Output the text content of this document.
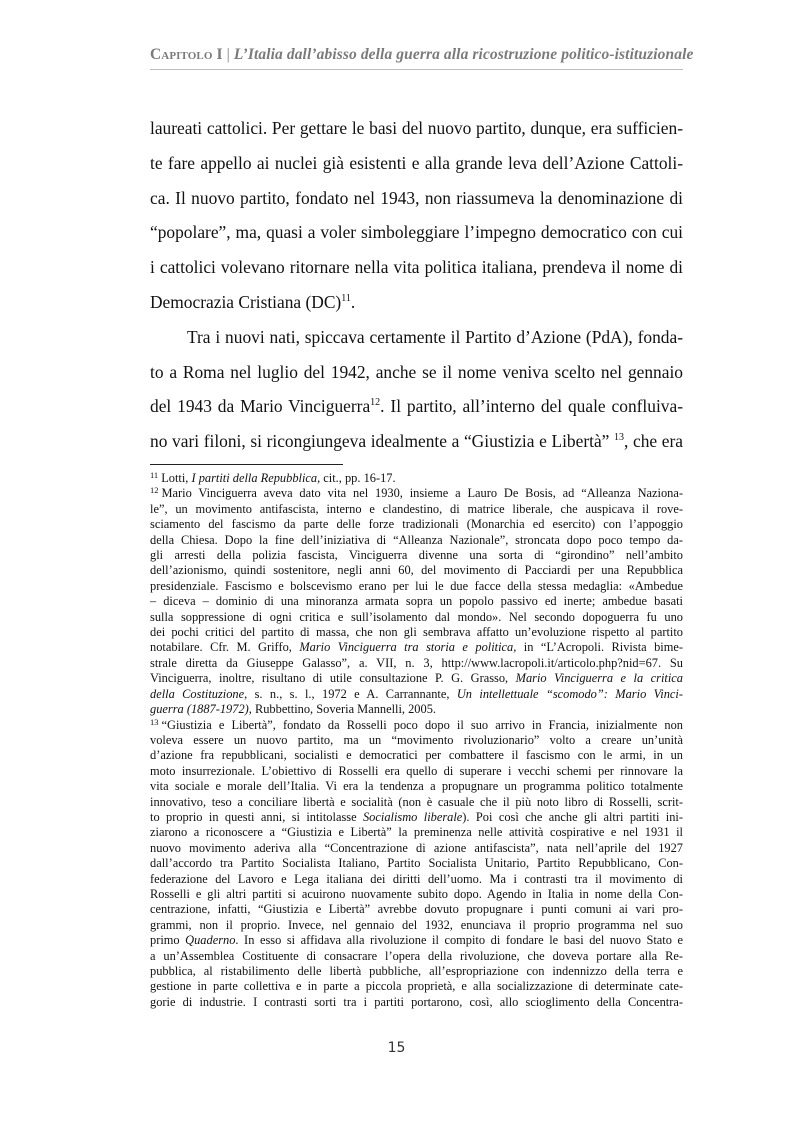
Capitolo I | L’Italia dall’abisso della guerra alla ricostruzione politico-istituzionale

laureati cattolici. Per gettare le basi del nuovo partito, dunque, era sufficien-
te fare appello ai nuclei già esistenti e alla grande leva dell’Azione Cattoli-
ca. Il nuovo partito, fondato nel 1943, non riassumeva la denominazione di
“popolare”, ma, quasi a voler simboleggiare l’impegno democratico con cui
i cattolici volevano ritornare nella vita politica italiana, prendeva il nome di
Democrazia Cristiana (DC)$^{11}$.

Tra i nuovi nati, spiccava certamente il Partito d’Azione (PdA), fonda-
to a Roma nel luglio del 1942, anche se il nome veniva scelto nel gennaio
del 1943 da Mario Vinciguerra$^{12}$. Il partito, all’interno del quale confluiva-
no vari filoni, si ricongiungeva idealmente a “Giustizia e Libertà” $^{13}$, che era

$^{11}$ Lotti, I partiti della Repubblica, cit., pp. 16-17.

$^{12}$ Mario Vinciguerra aveva dato vita nel 1930, insieme a Lauro De Bosis, ad “Alleanza Naziona-
le”, un movimento antifascista, interno e clandestino, di matrice liberale, che auspicava il rove-
sciamento del fascismo da parte delle forze tradizionali (Monarchia ed esercito) con l’appoggio
della Chiesa. Dopo la fine dell’iniziativa di “Alleanza Nazionale”, stroncata dopo poco tempo da-
gli arresti della polizia fascista, Vinciguerra divenne una sorta di “girondino” nell’ambito
dell’azionismo, quindi sostenitore, negli anni 60, del movimento di Pacciardi per una Repubblica
presidenziale. Fascismo e bolscevismo erano per lui le due facce della stessa medaglia: «Ambedue
– diceva – dominio di una minoranza armata sopra un popolo passivo ed inerte; ambedue basati
sulla soppressione di ogni critica e sull’isolamento dal mondo». Nel secondo dopoguerra fu uno
dei pochi critici del partito di massa, che non gli sembrava affatto un’evoluzione rispetto al partito
notabilare. Cfr. M. Griffo, Mario Vinciguerra tra storia e politica, in “L’Acropoli. Rivista bime-
strale diretta da Giuseppe Galasso”, a. VII, n. 3, http://www.lacropoli.it/articolo.php?nid=67. Su
Vinciguerra, inoltre, risultano di utile consultazione P. G. Grasso, Mario Vinciguerra e la critica
della Costituzione, s. n., s. l., 1972 e A. Carrannante, Un intellettuale “scomodo”: Mario Vinci-
guerra (1887-1972), Rubbettino, Soveria Mannelli, 2005.

$^{13}$ “Giustizia e Libertà”, fondato da Rosselli poco dopo il suo arrivo in Francia, inizialmente non
voleva essere un nuovo partito, ma un “movimento rivoluzionario” volto a creare un’unità
d’azione fra repubblicani, socialisti e democratici per combattere il fascismo con le armi, in un
moto insurrezionale. L’obiettivo di Rosselli era quello di superare i vecchi schemi per rinnovare la
vita sociale e morale dell’Italia. Vi era la tendenza a propugnare un programma politico totalmente
innovativo, teso a conciliare libertà e socialità (non è casuale che il più noto libro di Rosselli, scrit-
to proprio in questi anni, si intitolasse Socialismo liberale). Poi così che anche gli altri partiti ini-
ziarono a riconoscere a “Giustizia e Libertà” la preminenza nelle attività cospirative e nel 1931 il
nuovo movimento aderiva alla “Concentrazione di azione antifascista”, nata nell’aprile del 1927
dall’accordo tra Partito Socialista Italiano, Partito Socialista Unitario, Partito Repubblicano, Con-
federazione del Lavoro e Lega italiana dei diritti dell’uomo. Ma i contrasti tra il movimento di
Rosselli e gli altri partiti si acuirono nuovamente subito dopo. Agendo in Italia in nome della Con-
centrazione, infatti, “Giustizia e Libertà” avrebbe dovuto propugnare i punti comuni ai vari pro-
grammi, non il proprio. Invece, nel gennaio del 1932, enunciava il proprio programma nel suo
primo Quaderno. In esso si affidava alla rivoluzione il compito di fondare le basi del nuovo Stato e
a un’Assemblea Costituente di consacrare l’opera della rivoluzione, che doveva portare alla Re-
pubblica, al ristabilimento delle libertà pubbliche, all’espropriazione con indennizzo della terra e
gestione in parte collettiva e in parte a piccola proprietà, e alla socializzazione di determinate cate-
gorie di industrie. I contrasti sorti tra i partiti portarono, così, allo scioglimento della Concentra-

15
